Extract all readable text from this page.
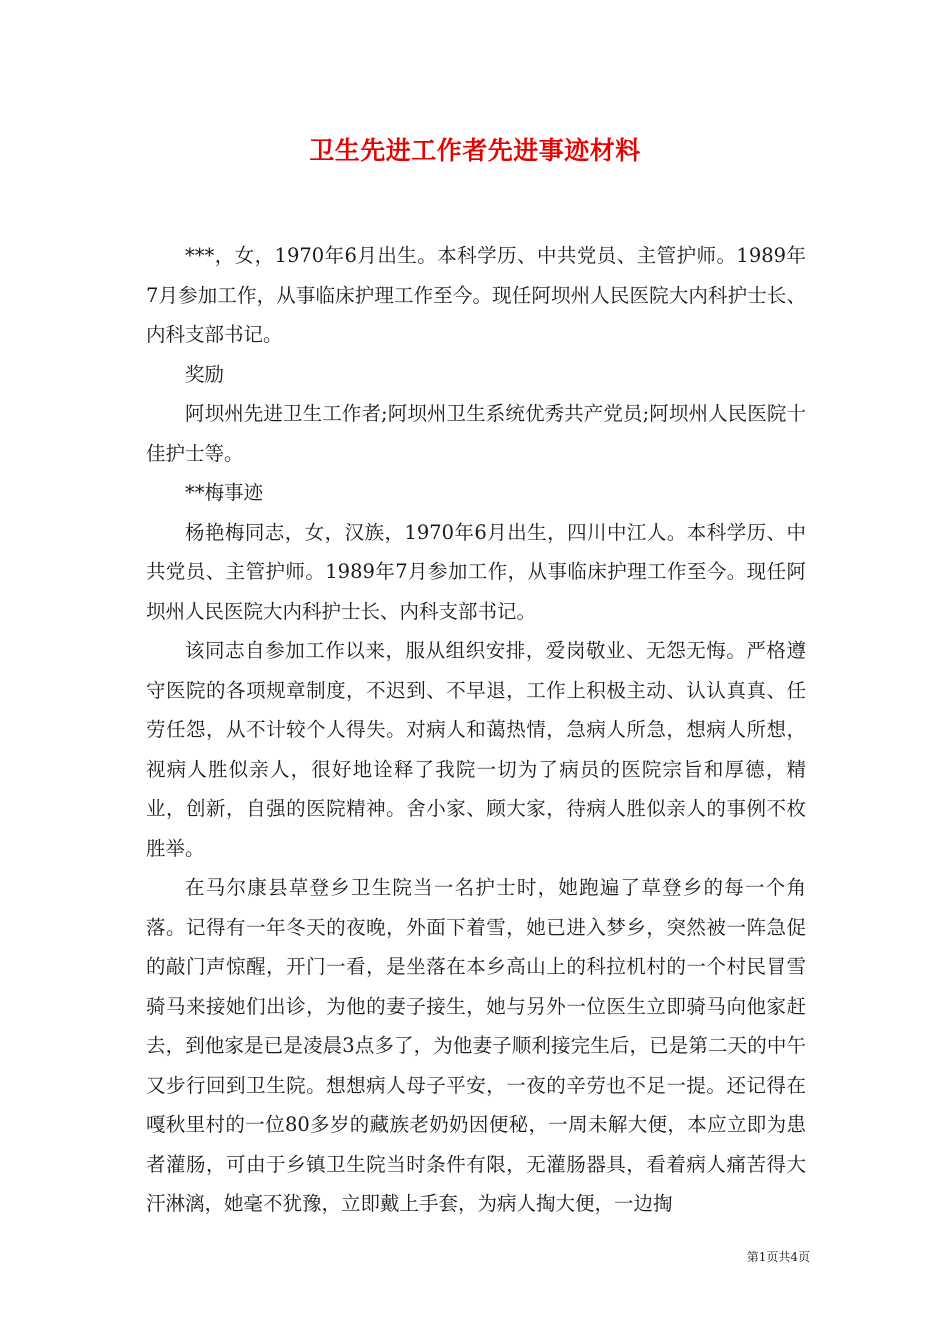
卫生先进工作者先进事迹材料

***，女，1970年6月出生。本科学历、中共党员、主管护师。1989年7月参加工作，从事临床护理工作至今。现任阿坝州人民医院大内科护士长、内科支部书记。

奖励

阿坝州先进卫生工作者;阿坝州卫生系统优秀共产党员;阿坝州人民医院十佳护士等。

**梅事迹

杨艳梅同志，女，汉族，1970年6月出生，四川中江人。本科学历、中共党员、主管护师。1989年7月参加工作，从事临床护理工作至今。现任阿坝州人民医院大内科护士长、内科支部书记。

该同志自参加工作以来，服从组织安排，爱岗敬业、无怨无悔。严格遵守医院的各项规章制度，不迟到、不早退，工作上积极主动、认认真真、任劳任怨，从不计较个人得失。对病人和蔼热情，急病人所急，想病人所想，视病人胜似亲人，很好地诠释了我院一切为了病员的医院宗旨和厚德，精业，创新，自强的医院精神。舍小家、顾大家，待病人胜似亲人的事例不枚胜举。

在马尔康县草登乡卫生院当一名护士时，她跑遍了草登乡的每一个角落。记得有一年冬天的夜晚，外面下着雪，她已进入梦乡，突然被一阵急促的敲门声惊醒，开门一看，是坐落在本乡高山上的科拉机村的一个村民冒雪骑马来接她们出诊，为他的妻子接生，她与另外一位医生立即骑马向他家赶去，到他家是已是凌晨3点多了，为他妻子顺利接完生后，已是第二天的中午又步行回到卫生院。想想病人母子平安，一夜的辛劳也不足一提。还记得在嘎秋里村的一位80多岁的藏族老奶奶因便秘，一周未解大便，本应立即为患者灌肠，可由于乡镇卫生院当时条件有限，无灌肠器具，看着病人痛苦得大汗淋漓，她毫不犹豫，立即戴上手套，为病人掏大便，一边掏

第1页共4页
